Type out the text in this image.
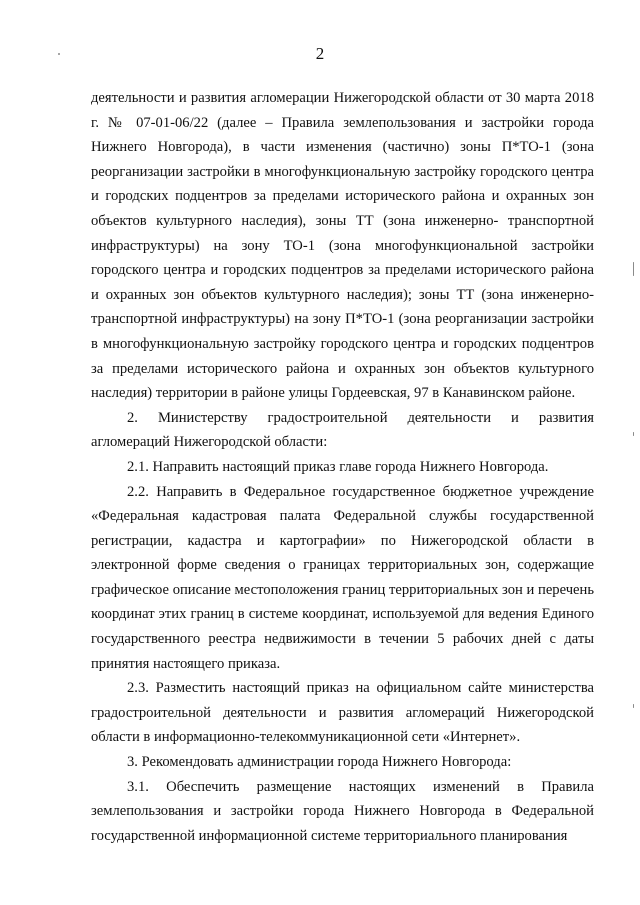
2

деятельности и развития агломерации Нижегородской области от 30 марта 2018 г. № 07-01-06/22 (далее – Правила землепользования и застройки города Нижнего Новгорода), в части изменения (частично) зоны П*ТО-1 (зона реорганизации застройки в многофункциональную застройку городского центра и городских подцентров за пределами исторического района и охранных зон объектов культурного наследия), зоны ТТ (зона инженерно- транспортной инфраструктуры) на зону ТО-1 (зона многофункциональной застройки городского центра и городских подцентров за пределами исторического района и охранных зон объектов культурного наследия); зоны ТТ (зона инженерно-транспортной инфраструктуры) на зону П*ТО-1 (зона реорганизации застройки в многофункциональную застройку городского центра и городских подцентров за пределами исторического района и охранных зон объектов культурного наследия) территории в районе улицы Гордеевская, 97 в Канавинском районе.

2. Министерству градостроительной деятельности и развития агломераций Нижегородской области:

2.1. Направить настоящий приказ главе города Нижнего Новгорода.

2.2. Направить в Федеральное государственное бюджетное учреждение «Федеральная кадастровая палата Федеральной службы государственной регистрации, кадастра и картографии» по Нижегородской области в электронной форме сведения о границах территориальных зон, содержащие графическое описание местоположения границ территориальных зон и перечень координат этих границ в системе координат, используемой для ведения Единого государственного реестра недвижимости в течении 5 рабочих дней с даты принятия настоящего приказа.

2.3. Разместить настоящий приказ на официальном сайте министерства градостроительной деятельности и развития агломераций Нижегородской области в информационно-телекоммуникационной сети «Интернет».

3. Рекомендовать администрации города Нижнего Новгорода:

3.1. Обеспечить размещение настоящих изменений в Правила землепользования и застройки города Нижнего Новгорода в Федеральной государственной информационной системе территориального планирования
